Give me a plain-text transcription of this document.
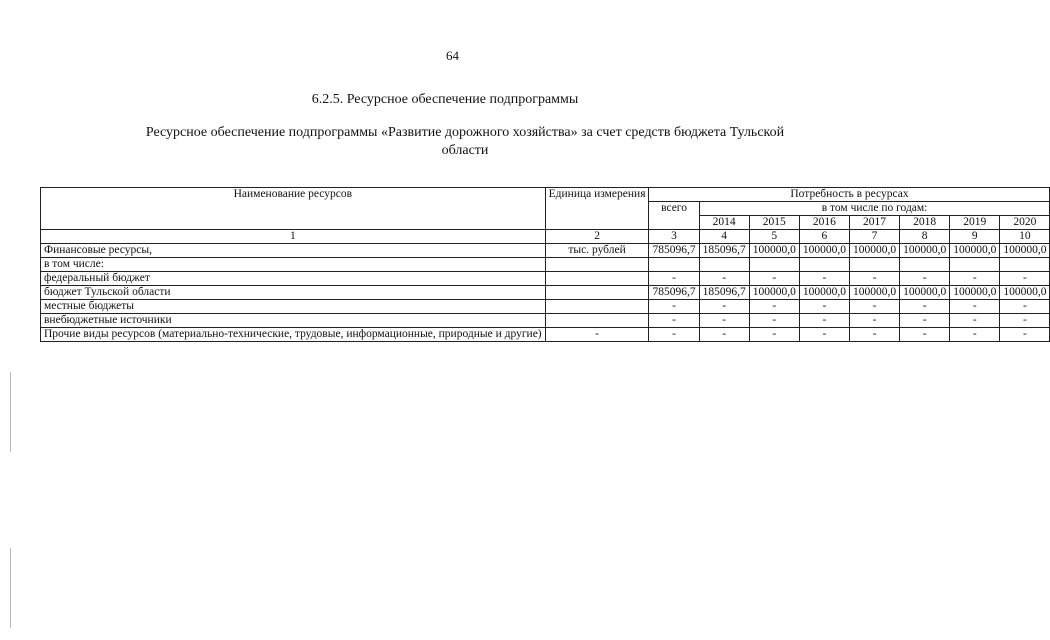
64
6.2.5. Ресурсное обеспечение подпрограммы
Ресурсное обеспечение подпрограммы «Развитие дорожного хозяйства» за счет средств бюджета Тульской области
Наименование ресурсов	Единица измерения	Потребность в ресурсах							
		всего	в том числе по годам:						
			2014	2015	2016	2017	2018	2019	2020
1	2	3	4	5	6	7	8	9	10
Финансовые ресурсы,	тыс. рублей	785096,7	185096,7	100000,0	100000,0	100000,0	100000,0	100000,0	100000,0
в том числе:									
федеральный бюджет		-	-	-	-	-	-	-	-
бюджет Тульской области		785096,7	185096,7	100000,0	100000,0	100000,0	100000,0	100000,0	100000,0
местные бюджеты		-	-	-	-	-	-	-	-
внебюджетные источники		-	-	-	-	-	-	-	-
Прочие виды ресурсов (материально-технические, трудовые, информационные, природные и другие)	-	-	-	-	-	-	-	-	-
